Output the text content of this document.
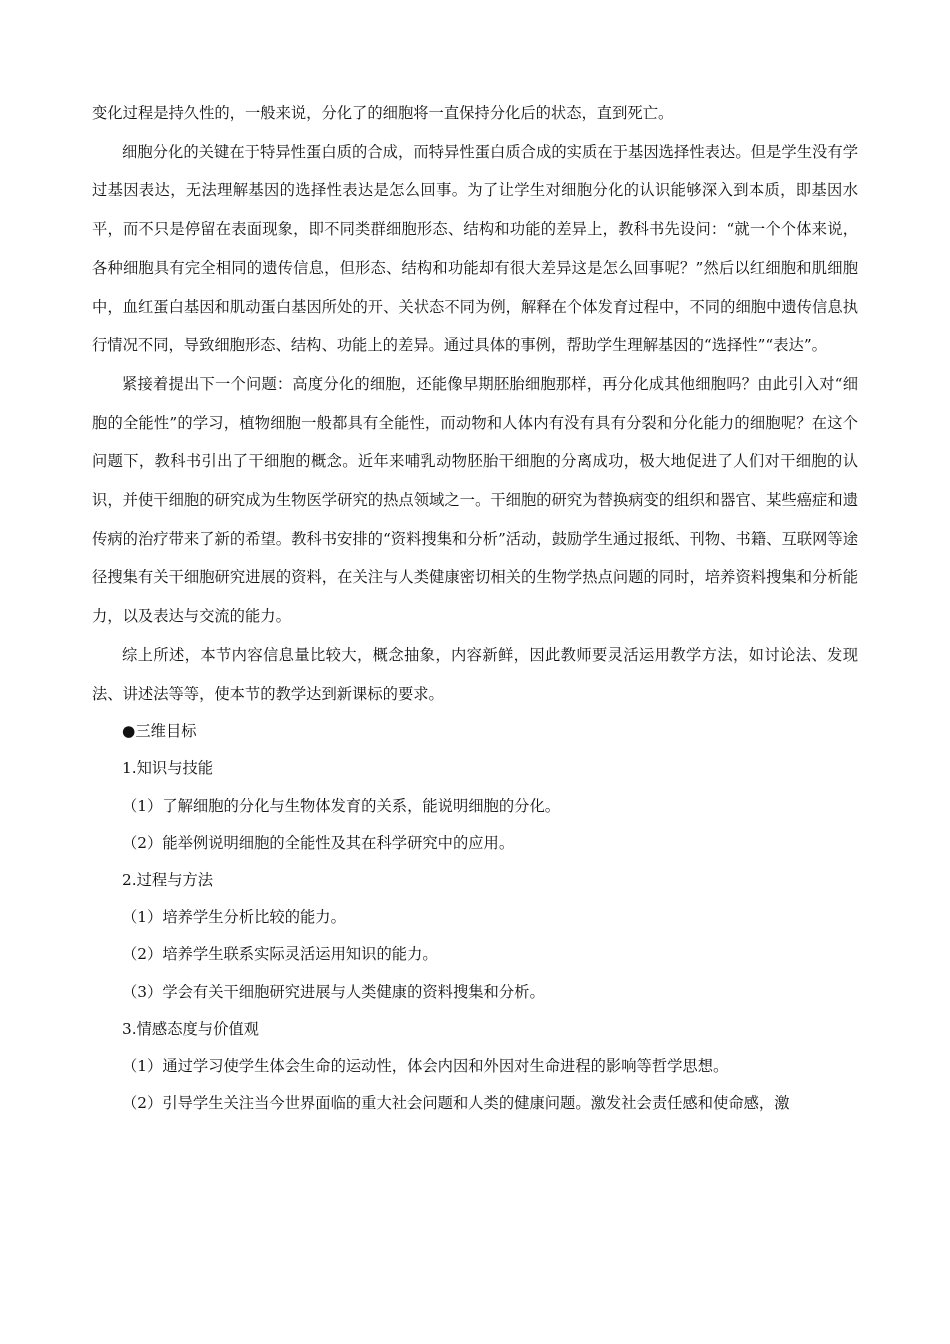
变化过程是持久性的，一般来说，分化了的细胞将一直保持分化后的状态，直到死亡。

细胞分化的关键在于特异性蛋白质的合成，而特异性蛋白质合成的实质在于基因选择性表达。但是学生没有学过基因表达，无法理解基因的选择性表达是怎么回事。为了让学生对细胞分化的认识能够深入到本质，即基因水平，而不只是停留在表面现象，即不同类群细胞形态、结构和功能的差异上，教科书先设问：“就一个个体来说，各种细胞具有完全相同的遗传信息，但形态、结构和功能却有很大差异这是怎么回事呢？”然后以红细胞和肌细胞中，血红蛋白基因和肌动蛋白基因所处的开、关状态不同为例，解释在个体发育过程中，不同的细胞中遗传信息执行情况不同，导致细胞形态、结构、功能上的差异。通过具体的事例，帮助学生理解基因的“选择性”“表达”。

紧接着提出下一个问题：高度分化的细胞，还能像早期胚胎细胞那样，再分化成其他细胞吗？由此引入对“细胞的全能性”的学习，植物细胞一般都具有全能性，而动物和人体内有没有具有分裂和分化能力的细胞呢？在这个问题下，教科书引出了干细胞的概念。近年来哺乳动物胚胎干细胞的分离成功，极大地促进了人们对干细胞的认识，并使干细胞的研究成为生物医学研究的热点领域之一。干细胞的研究为替换病变的组织和器官、某些癌症和遗传病的治疗带来了新的希望。教科书安排的“资料搜集和分析”活动，鼓励学生通过报纸、刊物、书籍、互联网等途径搜集有关干细胞研究进展的资料，在关注与人类健康密切相关的生物学热点问题的同时，培养资料搜集和分析能力，以及表达与交流的能力。

综上所述，本节内容信息量比较大，概念抽象，内容新鲜，因此教师要灵活运用教学方法，如讨论法、发现法、讲述法等等，使本节的教学达到新课标的要求。

●三维目标

1.知识与技能

（1）了解细胞的分化与生物体发育的关系，能说明细胞的分化。

（2）能举例说明细胞的全能性及其在科学研究中的应用。

2.过程与方法

（1）培养学生分析比较的能力。

（2）培养学生联系实际灵活运用知识的能力。

（3）学会有关干细胞研究进展与人类健康的资料搜集和分析。

3.情感态度与价值观

（1）通过学习使学生体会生命的运动性，体会内因和外因对生命进程的影响等哲学思想。

（2）引导学生关注当今世界面临的重大社会问题和人类的健康问题。激发社会责任感和使命感，激
